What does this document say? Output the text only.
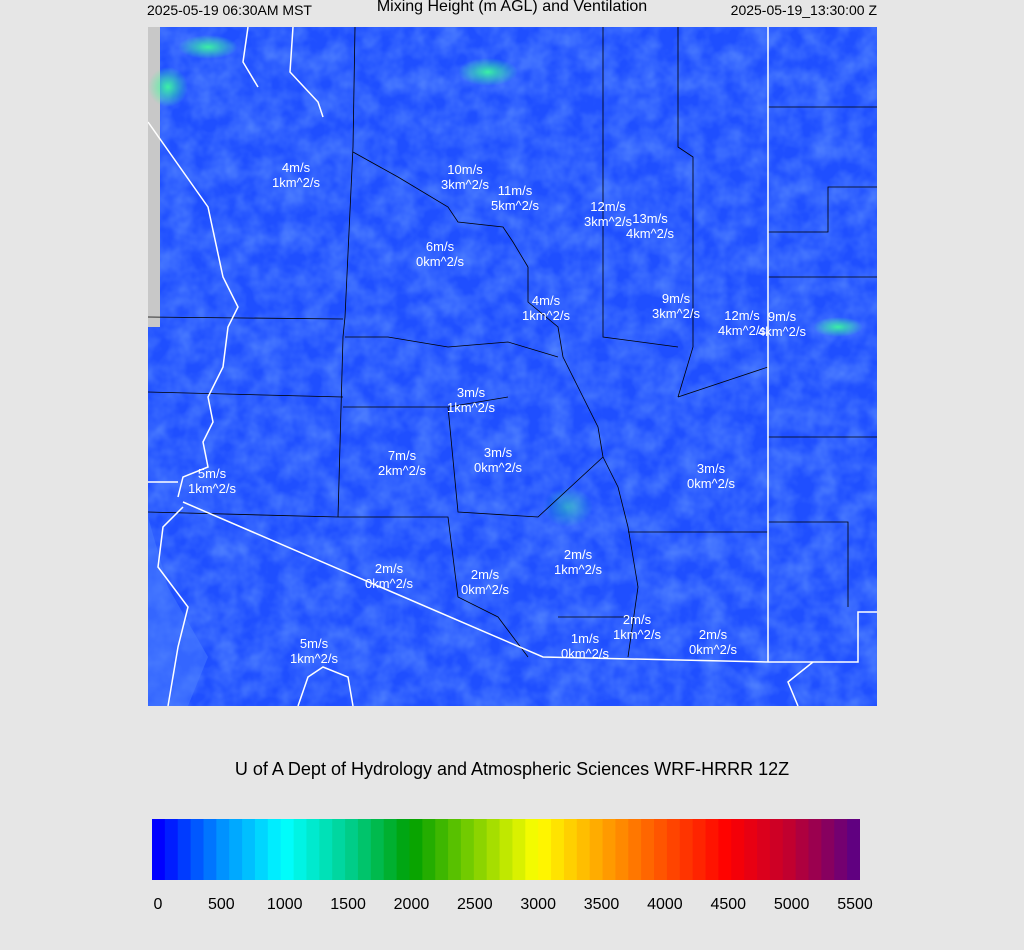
2025-05-19 06:30AM MST	Mixing Height (m AGL) and Ventilation	2025-05-19_13:30:00 Z
4m/s
1km^2/s
10m/s
3km^2/s 11m/s
5km^2/s	12m/s
3km^2/s 13m/s
4km^2/s
6m/s
0km^2/s
4m/s
1km^2/s
9m/s
3km^2/s	12m/s
4km^2/s
9m/s
4km^2/s
3m/s
1km^2/s
7m/s
2km^2/s
3m/s
0km^2/s	3m/s
0km^2/s
5m/s
1km^2/s
2m/s
1km^2/s
2m/s
0km^2/s
2m/s
0km^2/s
2m/s
1km^2/s
1m/s
0km^2/s
2m/s
0km^2/s
5m/s
1km^2/s
U of A Dept of Hydrology and Atmospheric Sciences WRF-HRRR 12Z
0	500 1000 1500 2000 2500 3000 3500 4000 4500 5000 5500
